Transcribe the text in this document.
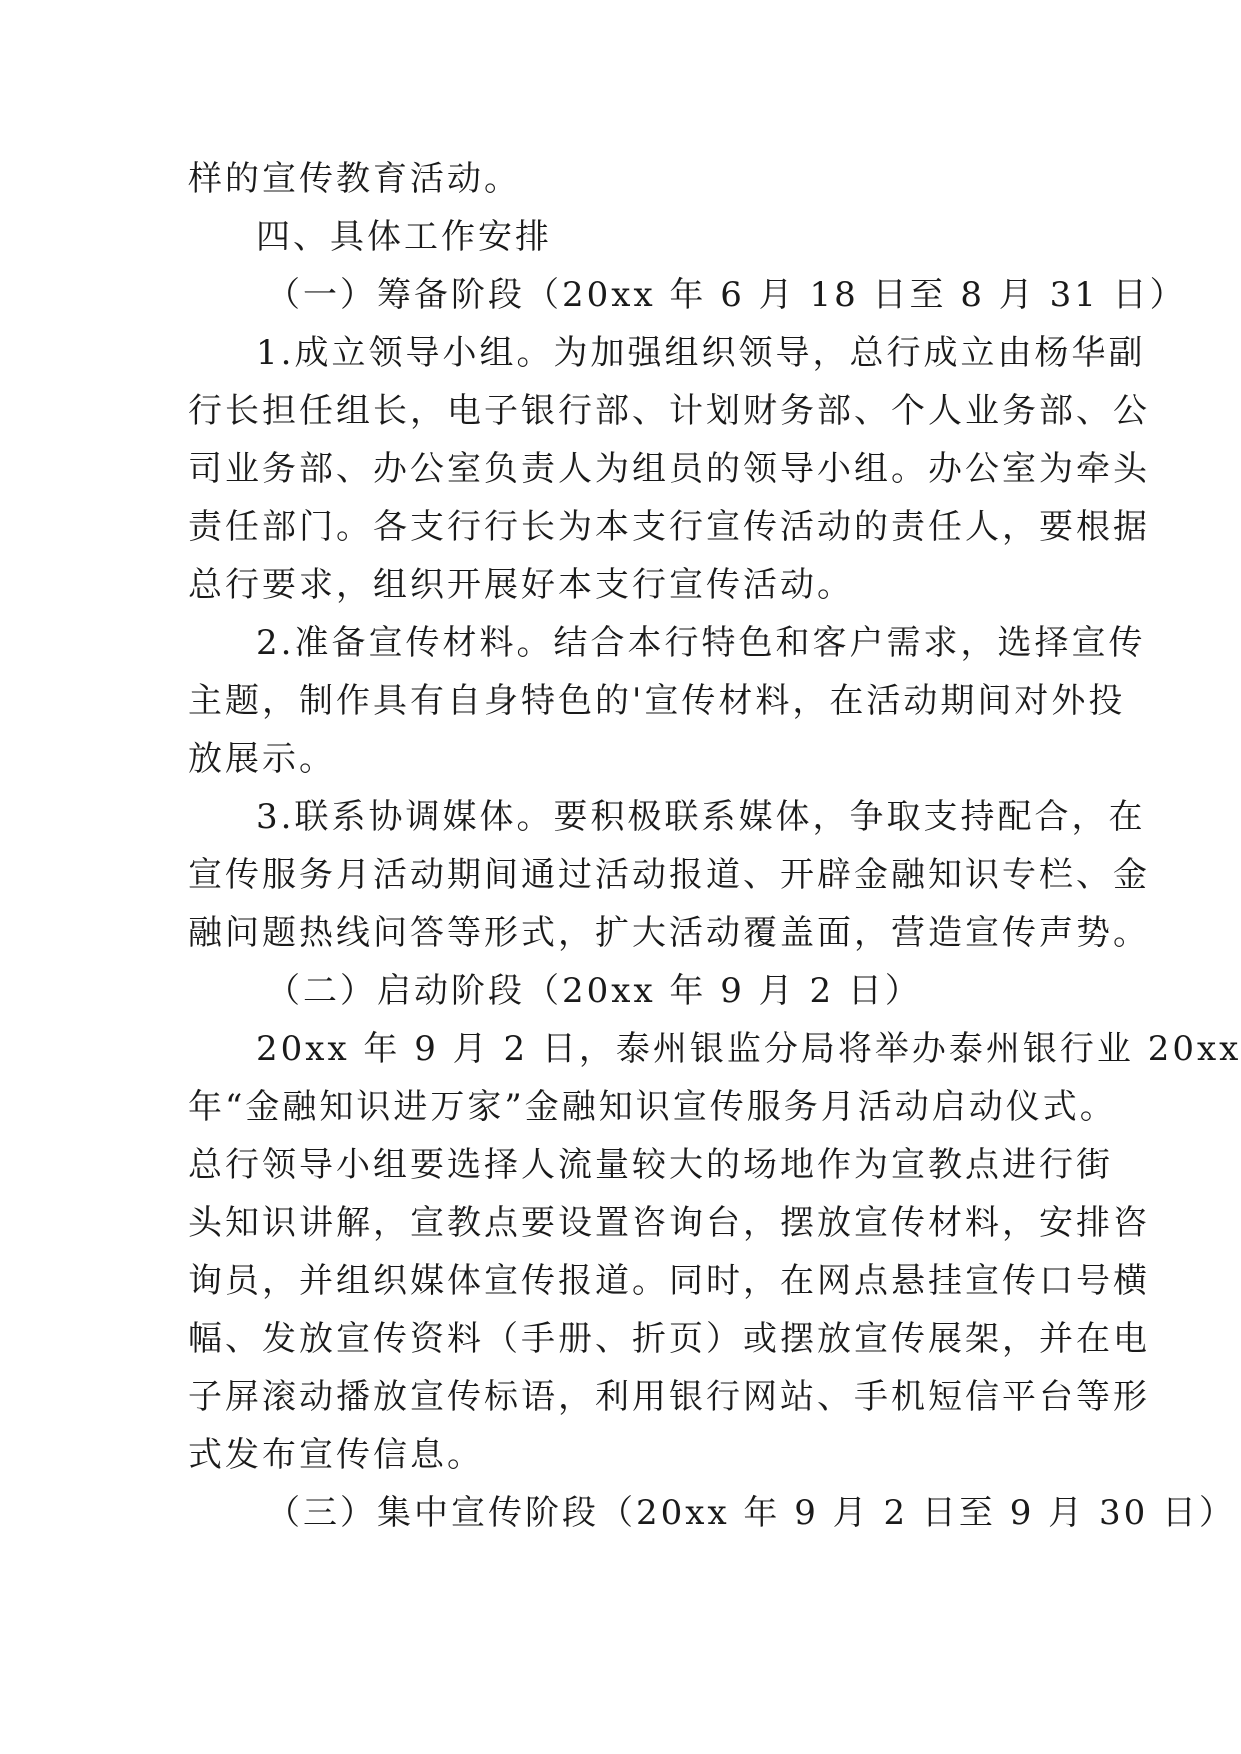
样的宣传教育活动。
四、具体工作安排
（一）筹备阶段（20xx 年 6 月 18 日至 8 月 31 日）
1.成立领导小组。为加强组织领导，总行成立由杨华副
行长担任组长，电子银行部、计划财务部、个人业务部、公
司业务部、办公室负责人为组员的领导小组。办公室为牵头
责任部门。各支行行长为本支行宣传活动的责任人，要根据
总行要求，组织开展好本支行宣传活动。
2.准备宣传材料。结合本行特色和客户需求，选择宣传
主题，制作具有自身特色的'宣传材料，在活动期间对外投
放展示。
3.联系协调媒体。要积极联系媒体，争取支持配合，在
宣传服务月活动期间通过活动报道、开辟金融知识专栏、金
融问题热线问答等形式，扩大活动覆盖面，营造宣传声势。
（二）启动阶段（20xx 年 9 月 2 日）
20xx 年 9 月 2 日，泰州银监分局将举办泰州银行业 20xx
年“金融知识进万家”金融知识宣传服务月活动启动仪式。
总行领导小组要选择人流量较大的场地作为宣教点进行街
头知识讲解，宣教点要设置咨询台，摆放宣传材料，安排咨
询员，并组织媒体宣传报道。同时，在网点悬挂宣传口号横
幅、发放宣传资料（手册、折页）或摆放宣传展架，并在电
子屏滚动播放宣传标语，利用银行网站、手机短信平台等形
式发布宣传信息。
（三）集中宣传阶段（20xx 年 9 月 2 日至 9 月 30 日）
